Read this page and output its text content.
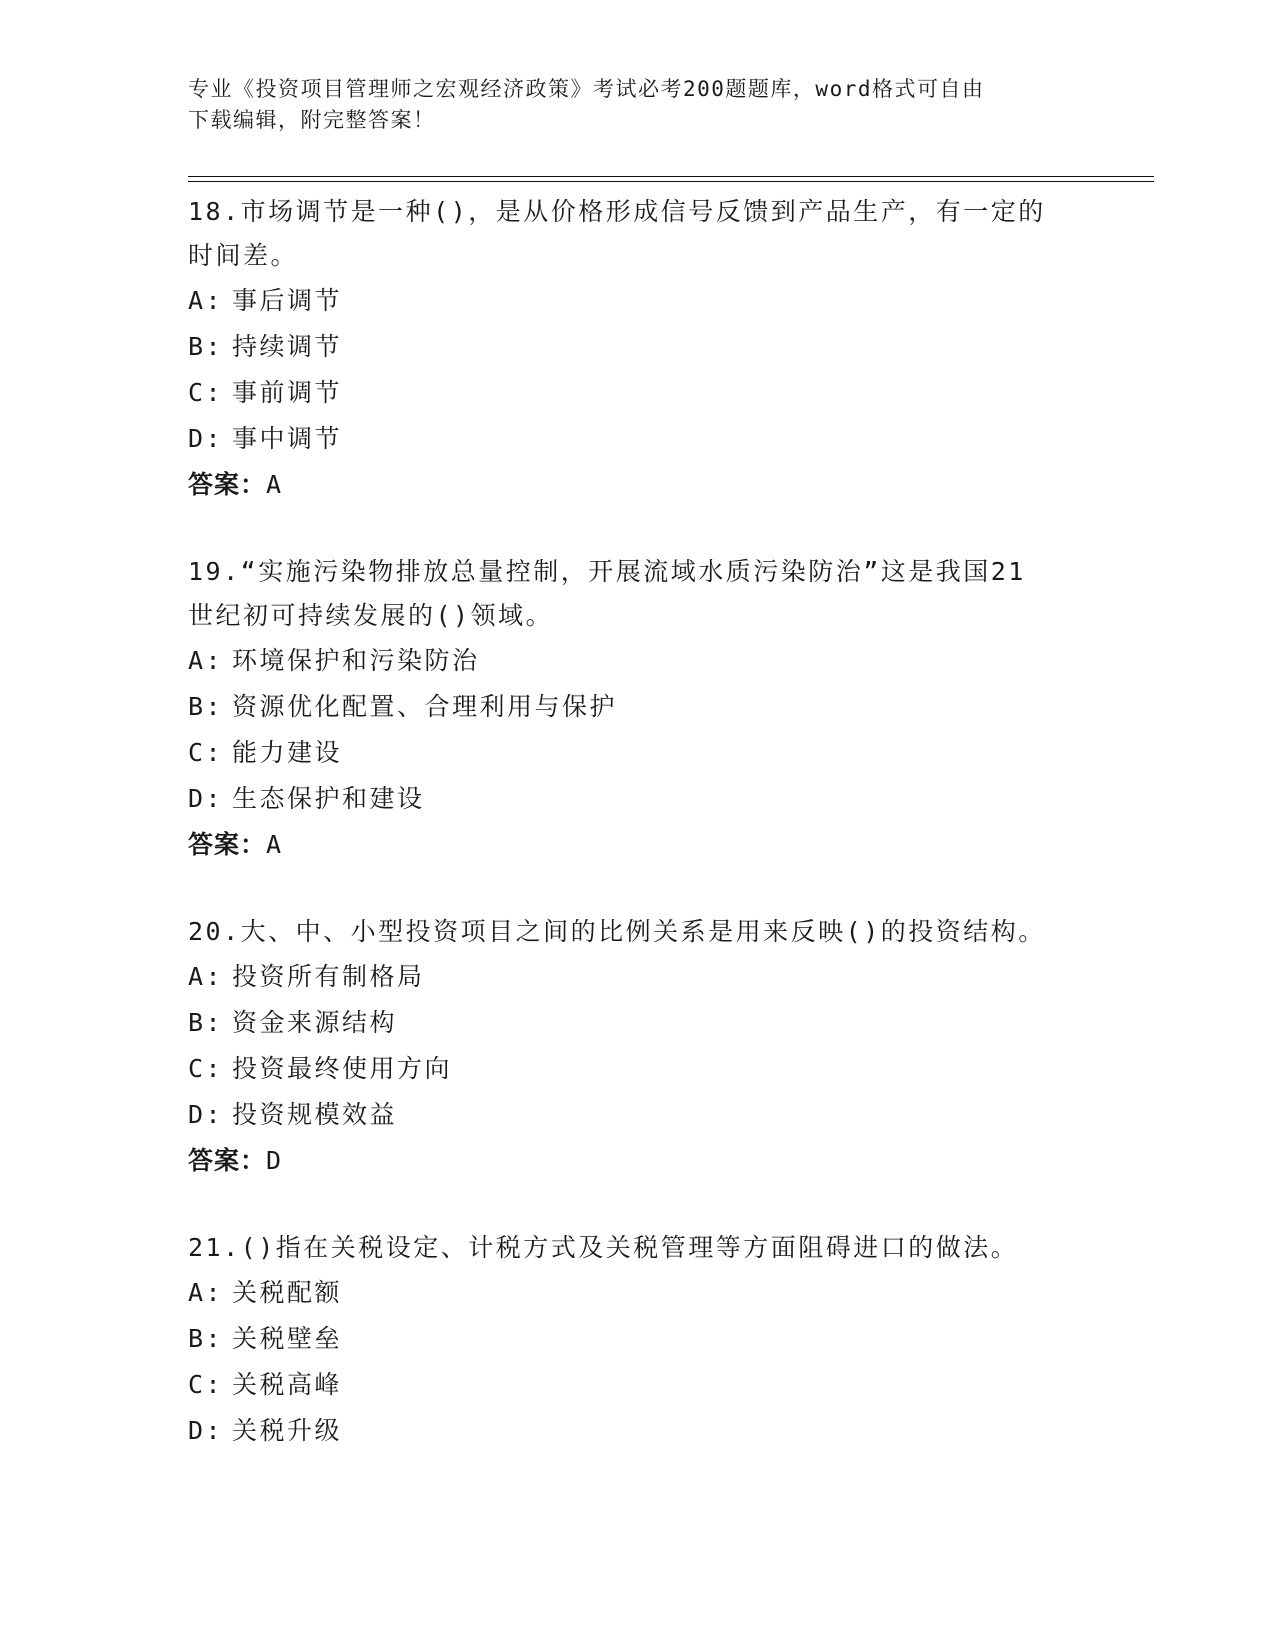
专业《投资项目管理师之宏观经济政策》考试必考200题题库，word格式可自由
下载编辑，附完整答案！

18.市场调节是一种()，是从价格形成信号反馈到产品生产，有一定的
时间差。

A: 事后调节

B: 持续调节

C: 事前调节

D: 事中调节

答案：A

19.“实施污染物排放总量控制，开展流域水质污染防治”这是我国21
世纪初可持续发展的()领域。

A: 环境保护和污染防治

B: 资源优化配置、合理利用与保护

C: 能力建设

D: 生态保护和建设

答案：A

20.大、中、小型投资项目之间的比例关系是用来反映()的投资结构。

A: 投资所有制格局

B: 资金来源结构

C: 投资最终使用方向

D: 投资规模效益

答案：D

21.()指在关税设定、计税方式及关税管理等方面阻碍进口的做法。

A: 关税配额

B: 关税壁垒

C: 关税高峰

D: 关税升级
